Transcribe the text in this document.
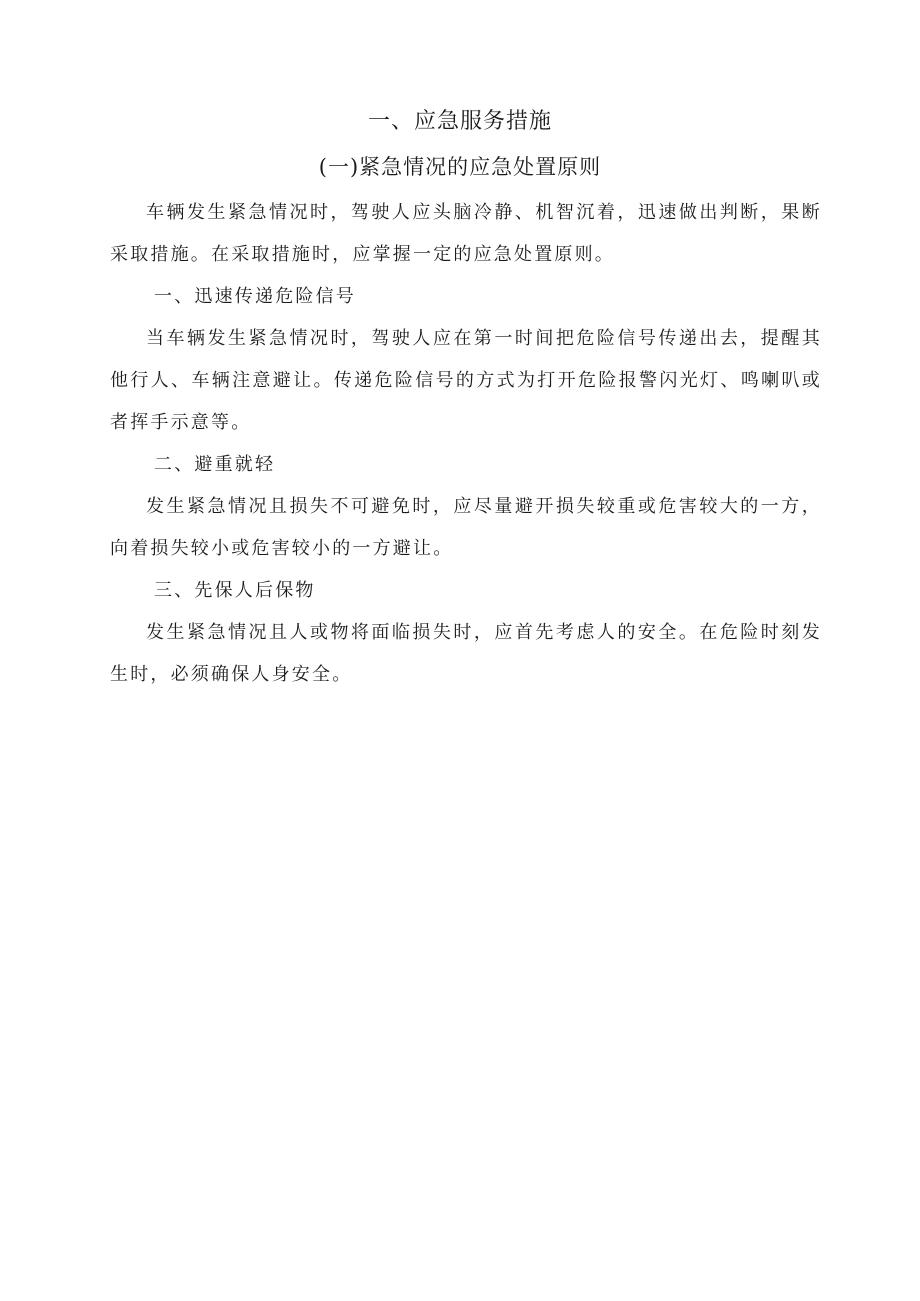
一、应急服务措施
(一)紧急情况的应急处置原则

车辆发生紧急情况时，驾驶人应头脑冷静、机智沉着，迅速做出判断，果断采取措施。在采取措施时，应掌握一定的应急处置原则。

一、迅速传递危险信号

当车辆发生紧急情况时，驾驶人应在第一时间把危险信号传递出去，提醒其他行人、车辆注意避让。传递危险信号的方式为打开危险报警闪光灯、鸣喇叭或者挥手示意等。

二、避重就轻

发生紧急情况且损失不可避免时，应尽量避开损失较重或危害较大的一方，向着损失较小或危害较小的一方避让。

三、先保人后保物

发生紧急情况且人或物将面临损失时，应首先考虑人的安全。在危险时刻发生时，必须确保人身安全。
